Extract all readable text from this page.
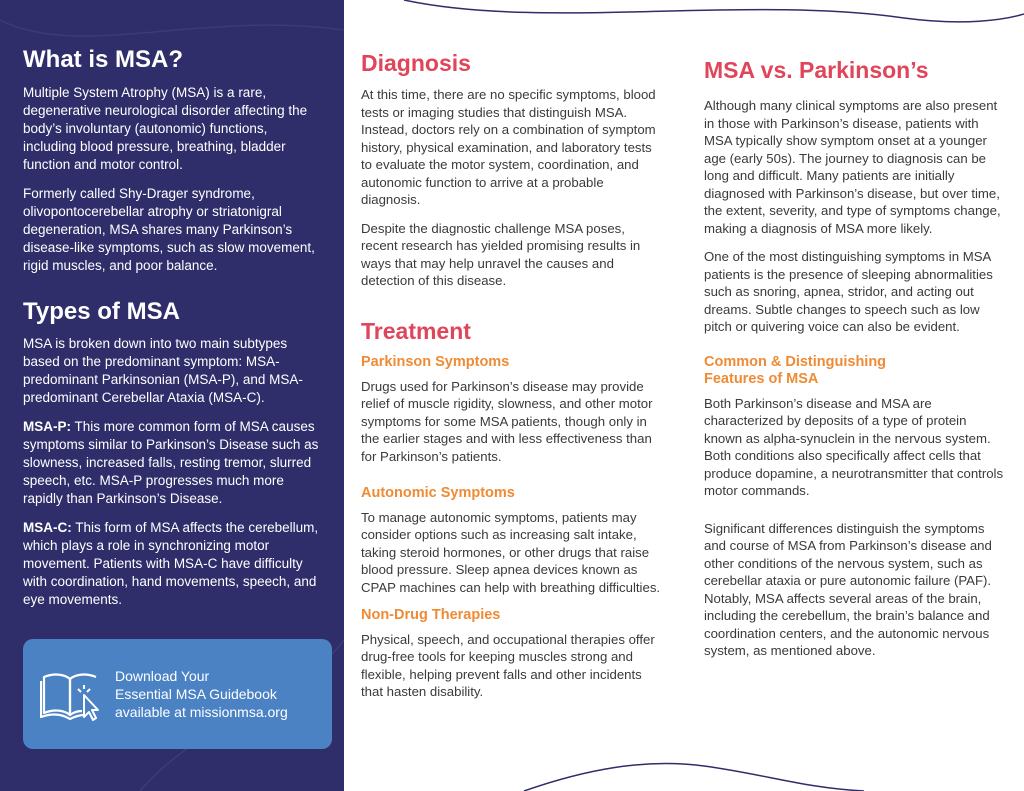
What is MSA?

Multiple System Atrophy (MSA) is a rare, degenerative neurological disorder affecting the body’s involuntary (autonomic) functions, including blood pressure, breathing, bladder function and motor control.

Formerly called Shy-Drager syndrome, olivopontocerebellar atrophy or striatonigral degeneration, MSA shares many Parkinson’s disease-like symptoms, such as slow movement, rigid muscles, and poor balance.

Types of MSA

MSA is broken down into two main subtypes based on the predominant symptom: MSA-predominant Parkinsonian (MSA-P), and MSA-predominant Cerebellar Ataxia (MSA-C).

MSA-P: This more common form of MSA causes symptoms similar to Parkinson’s Disease such as slowness, increased falls, resting tremor, slurred speech, etc. MSA-P progresses much more rapidly than Parkinson’s Disease.

MSA-C: This form of MSA affects the cerebellum, which plays a role in synchronizing motor movement. Patients with MSA-C have difficulty with coordination, hand movements, speech, and eye movements.

Download Your
Essential MSA Guidebook
available at missionmsa.org
Diagnosis

At this time, there are no specific symptoms, blood tests or imaging studies that distinguish MSA. Instead, doctors rely on a combination of symptom history, physical examination, and laboratory tests to evaluate the motor system, coordination, and autonomic function to arrive at a probable diagnosis.

Despite the diagnostic challenge MSA poses, recent research has yielded promising results in ways that may help unravel the causes and detection of this disease.

Treatment
Parkinson Symptoms

Drugs used for Parkinson’s disease may provide relief of muscle rigidity, slowness, and other motor symptoms for some MSA patients, though only in the earlier stages and with less effectiveness than for Parkinson’s patients.

Autonomic Symptoms

To manage autonomic symptoms, patients may consider options such as increasing salt intake, taking steroid hormones, or other drugs that raise blood pressure. Sleep apnea devices known as CPAP machines can help with breathing difficulties.

Non-Drug Therapies

Physical, speech, and occupational therapies offer drug-free tools for keeping muscles strong and flexible, helping prevent falls and other incidents that hasten disability.

MSA vs. Parkinson’s

Although many clinical symptoms are also present in those with Parkinson’s disease, patients with MSA typically show symptom onset at a younger age (early 50s). The journey to diagnosis can be long and difficult. Many patients are initially diagnosed with Parkinson’s disease, but over time, the extent, severity, and type of symptoms change, making a diagnosis of MSA more likely.

One of the most distinguishing symptoms in MSA patients is the presence of sleeping abnormalities such as snoring, apnea, stridor, and acting out dreams. Subtle changes to speech such as low pitch or quivering voice can also be evident.

Common & Distinguishing
Features of MSA

Both Parkinson’s disease and MSA are characterized by deposits of a type of protein known as alpha-synuclein in the nervous system. Both conditions also specifically affect cells that produce dopamine, a neurotransmitter that controls motor commands.

Significant differences distinguish the symptoms and course of MSA from Parkinson’s disease and other conditions of the nervous system, such as cerebellar ataxia or pure autonomic failure (PAF). Notably, MSA affects several areas of the brain, including the cerebellum, the brain’s balance and coordination centers, and the autonomic nervous system, as mentioned above.
